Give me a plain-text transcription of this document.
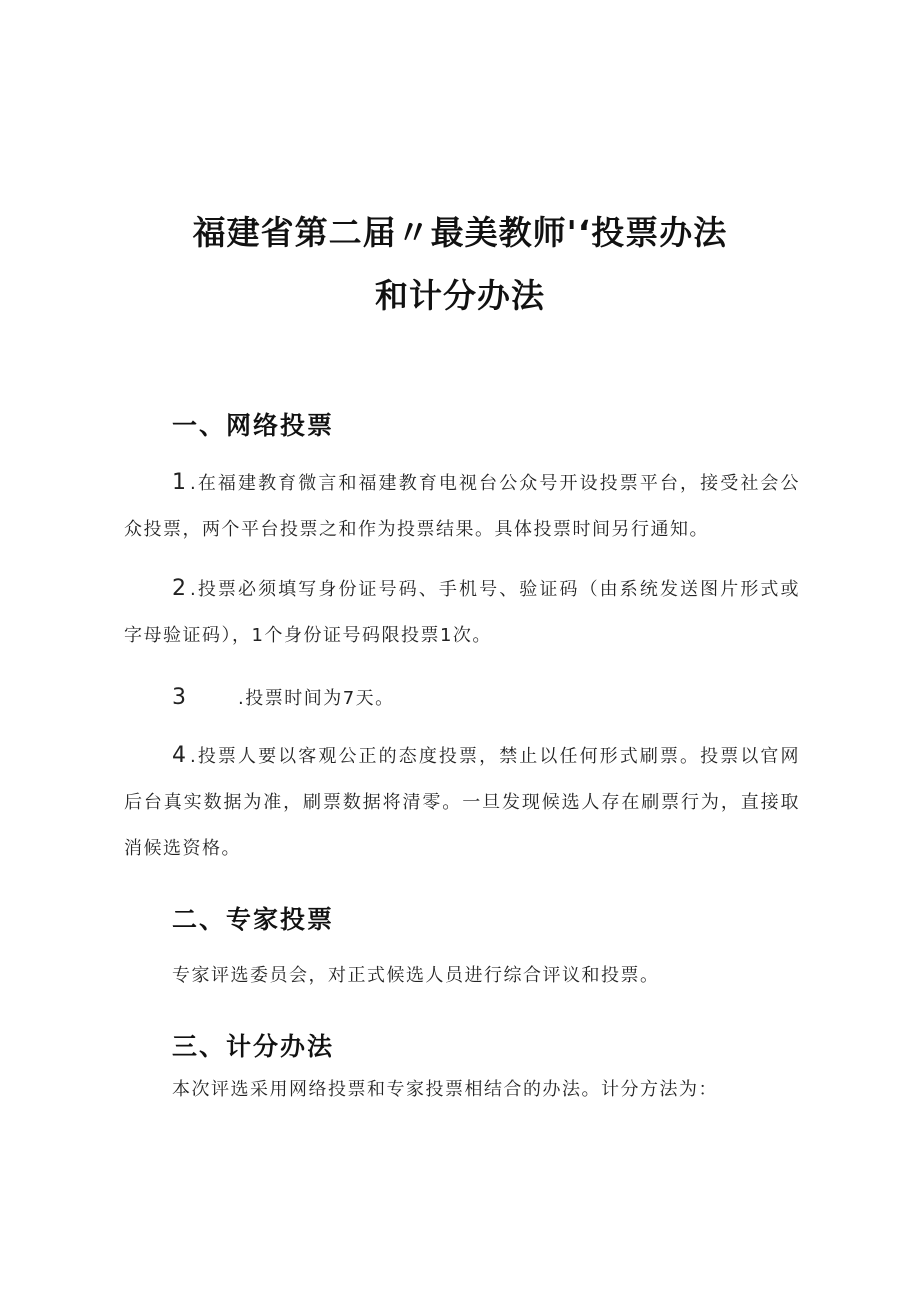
福建省第二届〃最美教师'‘投票办法
和计分办法
一、网络投票
1 .在福建教育微言和福建教育电视台公众号开设投票平台，接受社会公众投票，两个平台投票之和作为投票结果。具体投票时间另行通知。
2 .投票必须填写身份证号码、手机号、验证码（由系统发送图片形式或字母验证码），1个身份证号码限投票1次。
3	.投票时间为7天。
4 .投票人要以客观公正的态度投票，禁止以任何形式刷票。投票以官网后台真实数据为准，刷票数据将清零。一旦发现候选人存在刷票行为，直接取消候选资格。
二、专家投票
专家评选委员会，对正式候选人员进行综合评议和投票。
三、计分办法
本次评选采用网络投票和专家投票相结合的办法。计分方法为：
